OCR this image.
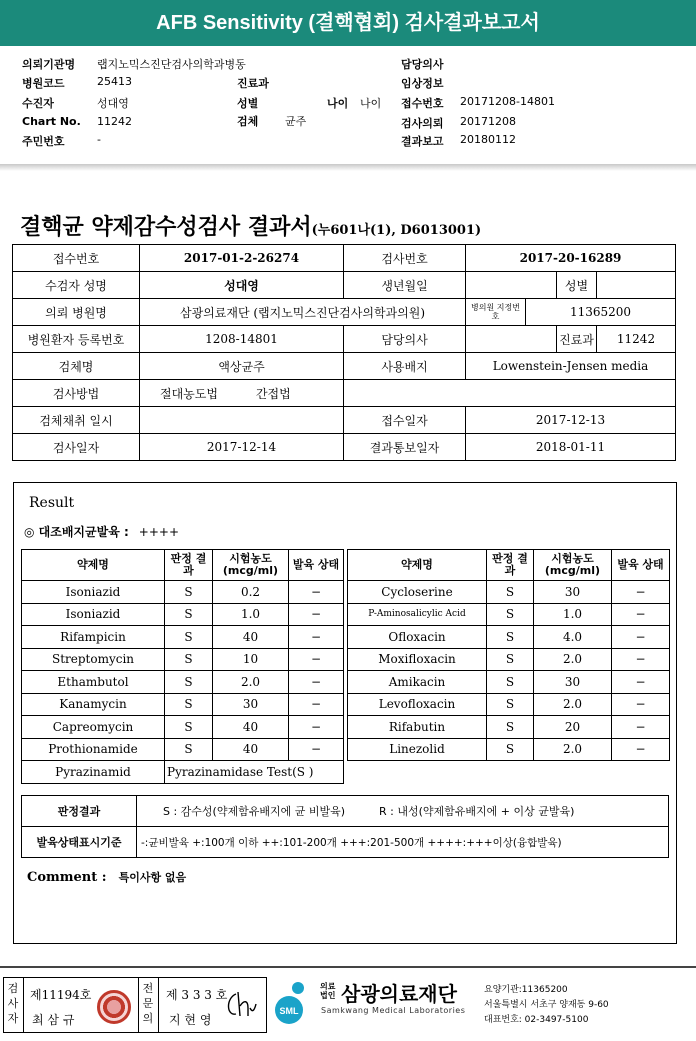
AFB Sensitivity (결핵협회) 검사결과보고서
의뢰기관명 랩지노믹스진단검사의학과병동
병원코드	25413
수진자	성대영
Chart No. 11242
주민번호	-
진료과
성별	나이 나이
검체 균주
담당의사
임상정보
접수번호 20171208-14801
검사의뢰 20171208
결과보고 20180112
결핵균 약제감수성검사 결과서(누601나(1), D6013001)
접수번호	2017-01-2-26274	검사번호	2017-20-16289			
수검자 성명	성대영	생년월일			성별	
의뢰 병원명	삼광의료재단 (랩지노믹스진단검사의학과의원)		병의원 지정번호	11365200		
병원환자 등록번호	1208-14801	담당의사			진료과	11242
검체명	액상균주	사용배지	Lowenstein-Jensen media			
검사방법	절대농도법 간접법					
검체채취 일시		접수일자	2017-12-13			
검사일자	2017-12-14	결과통보일자	2018-01-11			
Result
◎ 대조배지균발육 : ++++
약제명	판정 결과	시험농도 (mcg/ml)	발육 상태		약제명	판정 결과	시험농도 (mcg/ml)	발육 상태
Isoniazid	S	0.2	−		Cycloserine	S	30	−
Isoniazid	S	1.0	−		P-Aminosalicylic Acid	S	1.0	−
Rifampicin	S	40	−		Ofloxacin	S	4.0	−
Streptomycin	S	10	−		Moxifloxacin	S	2.0	−
Ethambutol	S	2.0	−		Amikacin	S	30	−
Kanamycin	S	30	−		Levofloxacin	S	2.0	−
Capreomycin	S	40	−		Rifabutin	S	20	−
Prothionamide	S	40	−		Linezolid	S	2.0	−
Pyrazinamid	Pyrazinamidase Test(S )							
판정결과	S : 감수성(약제함유배지에 균 비발육) R : 내성(약제함유배지에 + 이상 균발육)
발육상태표시기준	-:균비발육 +:100개 이하 ++:101-200개 +++:201-500개 ++++:+++이상(융합발육)
Comment : 특이사항 없음
검사자
제11194호
최 삼 규
전문의
제 3 3 3 호
지 현 영
SML
의료 법인 삼광의료재단
Samkwang Medical Laboratories
요양기관:11365200
서울특별시 서초구 양재동 9-60
대표번호: 02-3497-5100
